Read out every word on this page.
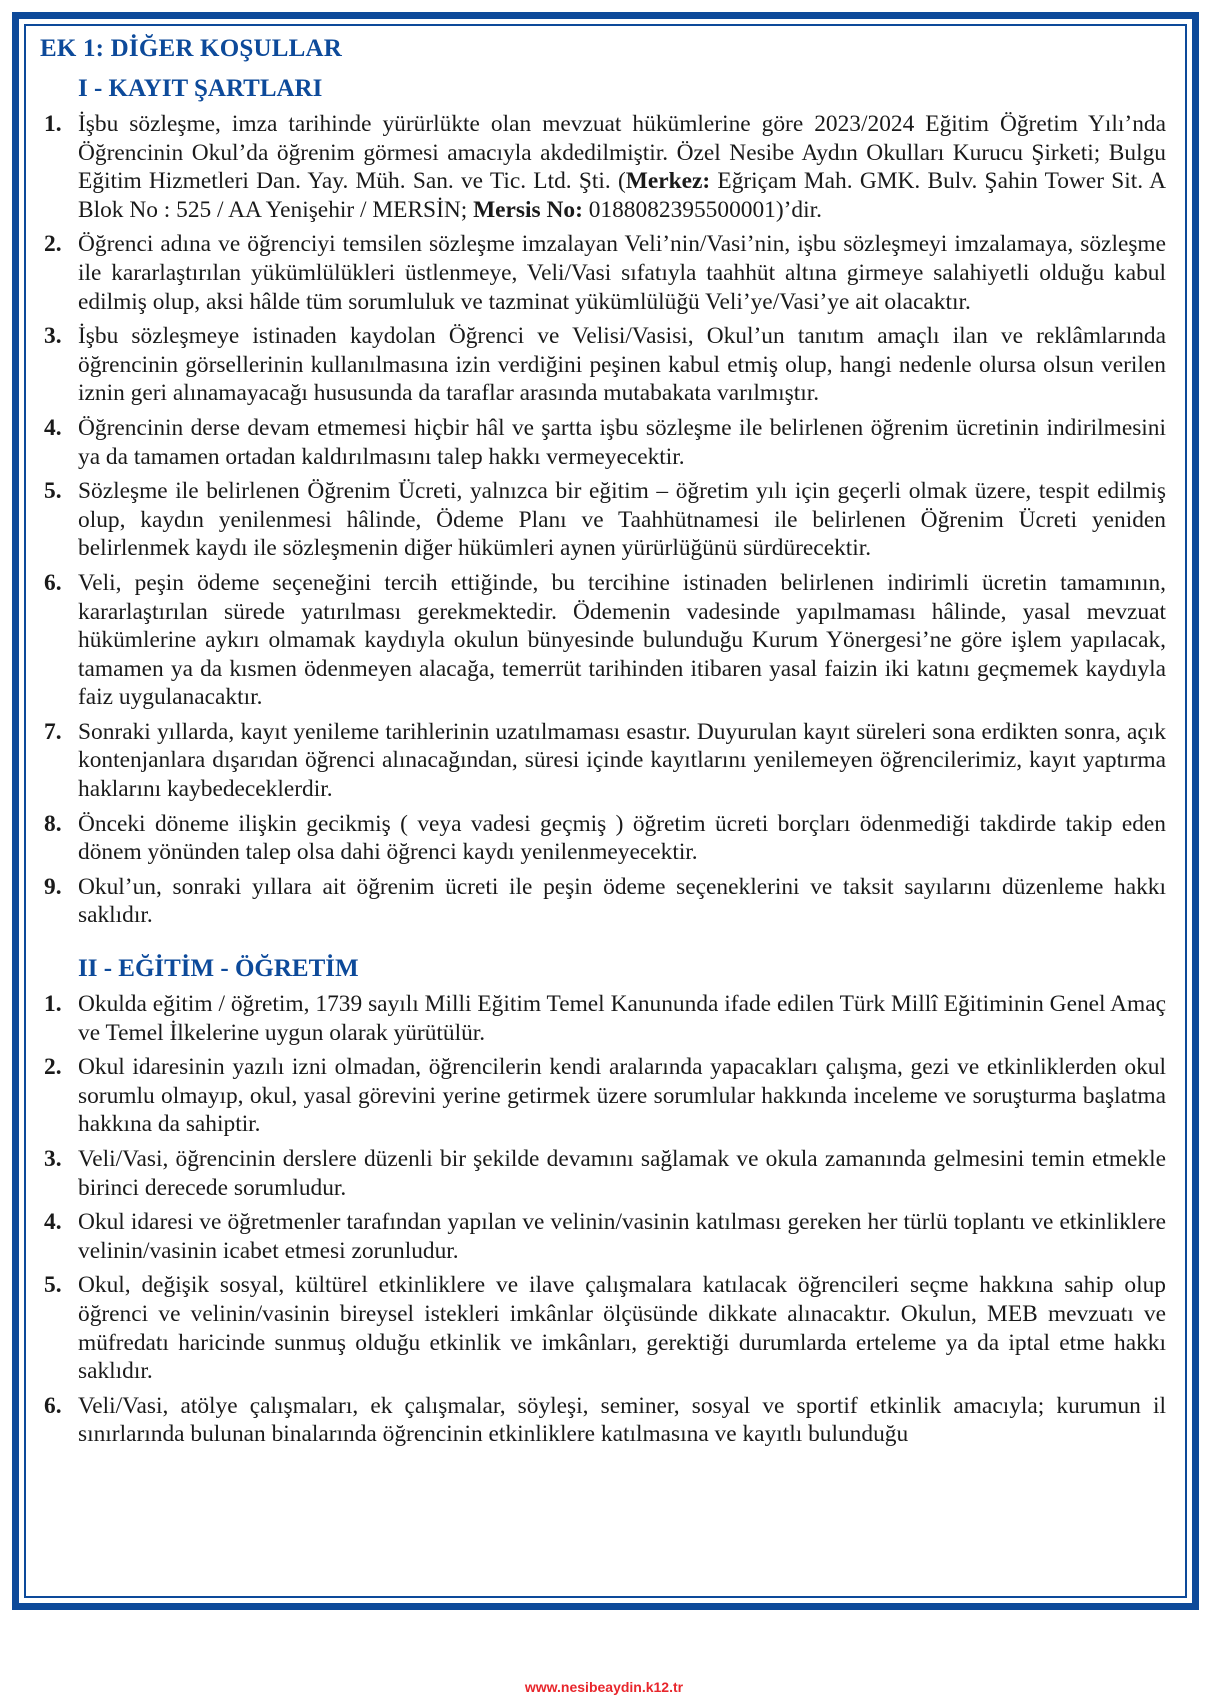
EK 1: DİĞER KOŞULLAR
I - KAYIT ŞARTLARI
1. İşbu sözleşme, imza tarihinde yürürlükte olan mevzuat hükümlerine göre 2023/2024 Eğitim Öğretim Yılı’nda Öğrencinin Okul’da öğrenim görmesi amacıyla akdedilmiştir. Özel Nesibe Aydın Okulları Kurucu Şirketi; Bulgu Eğitim Hizmetleri Dan. Yay. Müh. San. ve Tic. Ltd. Şti. (Merkez: Eğriçam Mah. GMK. Bulv. Şahin Tower Sit. A Blok No : 525 / AA Yenişehir / MERSİN; Mersis No: 0188082395500001)’dir.
2. Öğrenci adına ve öğrenciyi temsilen sözleşme imzalayan Veli’nin/Vasi’nin, işbu sözleşmeyi imzalamaya, sözleşme ile kararlaştırılan yükümlülükleri üstlenmeye, Veli/Vasi sıfatıyla taahhüt altına girmeye salahiyetli olduğu kabul edilmiş olup, aksi hâlde tüm sorumluluk ve tazminat yükümlülüğü Veli’ye/Vasi’ye ait olacaktır.
3. İşbu sözleşmeye istinaden kaydolan Öğrenci ve Velisi/Vasisi, Okul’un tanıtım amaçlı ilan ve reklâmlarında öğrencinin görsellerinin kullanılmasına izin verdiğini peşinen kabul etmiş olup, hangi nedenle olursa olsun verilen iznin geri alınamayacağı hususunda da taraflar arasında mutabakata varılmıştır.
4. Öğrencinin derse devam etmemesi hiçbir hâl ve şartta işbu sözleşme ile belirlenen öğrenim ücretinin indirilmesini ya da tamamen ortadan kaldırılmasını talep hakkı vermeyecektir.
5. Sözleşme ile belirlenen Öğrenim Ücreti, yalnızca bir eğitim – öğretim yılı için geçerli olmak üzere, tespit edilmiş olup, kaydın yenilenmesi hâlinde, Ödeme Planı ve Taahhütnamesi ile belirlenen Öğrenim Ücreti yeniden belirlenmek kaydı ile sözleşmenin diğer hükümleri aynen yürürlüğünü sürdürecektir.
6. Veli, peşin ödeme seçeneğini tercih ettiğinde, bu tercihine istinaden belirlenen indirimli ücretin tamamının, kararlaştırılan sürede yatırılması gerekmektedir. Ödemenin vadesinde yapılmaması hâlinde, yasal mevzuat hükümlerine aykırı olmamak kaydıyla okulun bünyesinde bulunduğu Kurum Yönergesi’ne göre işlem yapılacak, tamamen ya da kısmen ödenmeyen alacağa, temerrüt tarihinden itibaren yasal faizin iki katını geçmemek kaydıyla faiz uygulanacaktır.
7. Sonraki yıllarda, kayıt yenileme tarihlerinin uzatılmaması esastır. Duyurulan kayıt süreleri sona erdikten sonra, açık kontenjanlara dışarıdan öğrenci alınacağından, süresi içinde kayıtlarını yenilemeyen öğrencilerimiz, kayıt yaptırma haklarını kaybedeceklerdir.
8. Önceki döneme ilişkin gecikmiş ( veya vadesi geçmiş ) öğretim ücreti borçları ödenmediği takdirde takip eden dönem yönünden talep olsa dahi öğrenci kaydı yenilenmeyecektir.
9. Okul’un, sonraki yıllara ait öğrenim ücreti ile peşin ödeme seçeneklerini ve taksit sayılarını düzenleme hakkı saklıdır.
II - EĞİTİM - ÖĞRETİM
1. Okulda eğitim / öğretim, 1739 sayılı Milli Eğitim Temel Kanununda ifade edilen Türk Millî Eğitiminin Genel Amaç ve Temel İlkelerine uygun olarak yürütülür.
2. Okul idaresinin yazılı izni olmadan, öğrencilerin kendi aralarında yapacakları çalışma, gezi ve etkinliklerden okul sorumlu olmayıp, okul, yasal görevini yerine getirmek üzere sorumlular hakkında inceleme ve soruşturma başlatma hakkına da sahiptir.
3. Veli/Vasi, öğrencinin derslere düzenli bir şekilde devamını sağlamak ve okula zamanında gelmesini temin etmekle birinci derecede sorumludur.
4. Okul idaresi ve öğretmenler tarafından yapılan ve velinin/vasinin katılması gereken her türlü toplantı ve etkinliklere velinin/vasinin icabet etmesi zorunludur.
5. Okul, değişik sosyal, kültürel etkinliklere ve ilave çalışmalara katılacak öğrencileri seçme hakkına sahip olup öğrenci ve velinin/vasinin bireysel istekleri imkânlar ölçüsünde dikkate alınacaktır. Okulun, MEB mevzuatı ve müfredatı haricinde sunmuş olduğu etkinlik ve imkânları, gerektiği durumlarda erteleme ya da iptal etme hakkı saklıdır.
6. Veli/Vasi, atölye çalışmaları, ek çalışmalar, söyleşi, seminer, sosyal ve sportif etkinlik amacıyla; kurumun il sınırlarında bulunan binalarında öğrencinin etkinliklere katılmasına ve kayıtlı bulunduğu
www.nesibeaydin.k12.tr
